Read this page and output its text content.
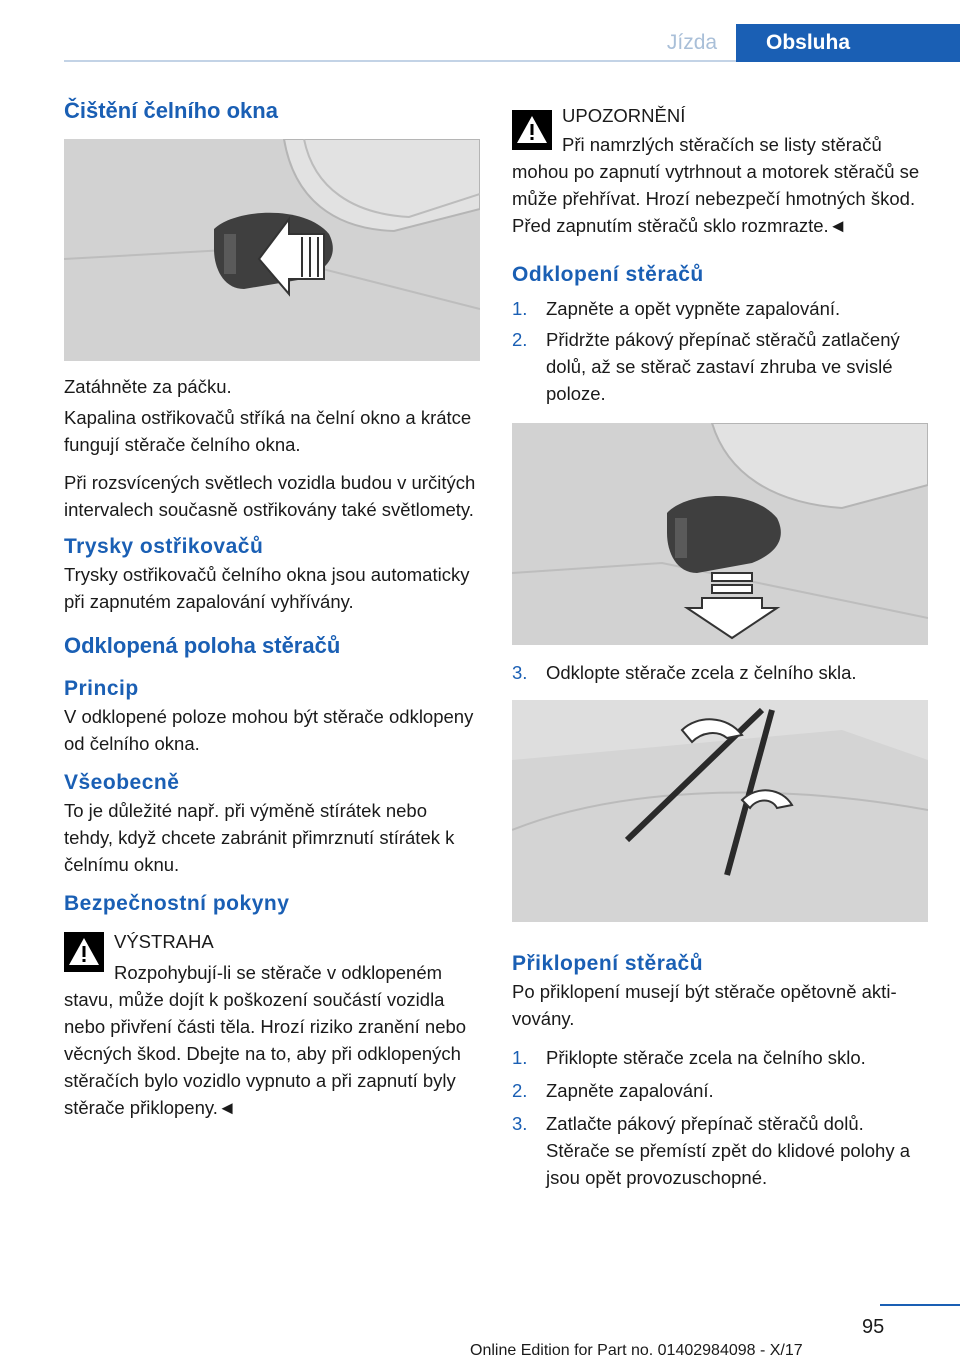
Jízda	Obsluha
Čištění čelního okna

Zatáhněte za páčku.

Kapalina ostřikovačů stříká na čelní okno a krátce fungují stěrače čelního okna.

Při rozsvícených světlech vozidla budou v určitých intervalech současně ostřikovány také světlomety.

Trysky ostřikovačů

Trysky ostřikovačů čelního okna jsou automaticky při zapnutém zapalování vyhřívány.

Odklopená poloha stěračů
Princip

V odklopené poloze mohou být stěrače odklopeny od čelního okna.

Všeobecně

To je důležité např. při výměně stírátek nebo tehdy, když chcete zabránit přimrznutí stírátek k čelnímu oknu.

Bezpečnostní pokyny

VÝSTRAHA

Rozpohybují-li se stěrače v odklopeném stavu, může dojít k poškození součástí vozidla nebo přivření části těla. Hrozí riziko zranění nebo věcných škod. Dbejte na to, aby při odklopených stěračích bylo vozidlo vypnuto a při zapnutí byly stěrače přiklopeny.◄

UPOZORNĚNÍ

Při namrzlých stěračích se listy stěračů mohou po zapnutí vytrhnout a motorek stěračů se může přehřívat. Hrozí nebezpečí hmotných škod. Před zapnutím stěračů sklo rozmrazte.◄

Odklopení stěračů
1. Zapněte a opět vypněte zapalování.
2. Přidržte pákový přepínač stěračů zatlačený dolů, až se stěrač zastaví zhruba ve svislé poloze.
3. Odklopte stěrače zcela z čelního skla.
Přiklopení stěračů

Po přiklopení musejí být stěrače opětovně aktivovány.

1. Přiklopte stěrače zcela na čelního sklo.
2. Zapněte zapalování.
3. Zatlačte pákový přepínač stěračů dolů. Stěrače se přemístí zpět do klidové polohy a jsou opět provozuschopné.
95
Online Edition for Part no. 01402984098 - X/17
